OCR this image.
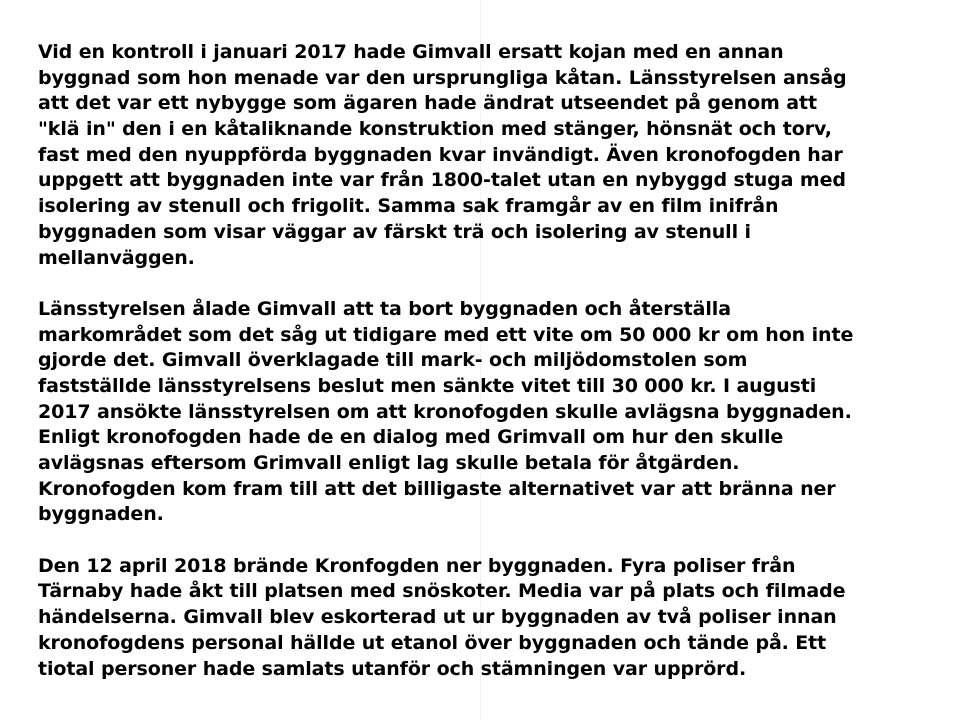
Vid en kontroll i januari 2017 hade Gimvall ersatt kojan med en annan
byggnad som hon menade var den ursprungliga kåtan. Länsstyrelsen ansåg
att det var ett nybygge som ägaren hade ändrat utseendet på genom att
"klä in" den i en kåtaliknande konstruktion med stänger, hönsnät och torv,
fast med den nyuppförda byggnaden kvar invändigt. Även kronofogden har
uppgett att byggnaden inte var från 1800-talet utan en nybyggd stuga med
isolering av stenull och frigolit. Samma sak framgår av en film inifrån
byggnaden som visar väggar av färskt trä och isolering av stenull i
mellanväggen.

Länsstyrelsen ålade Gimvall att ta bort byggnaden och återställa
markområdet som det såg ut tidigare med ett vite om 50 000 kr om hon inte
gjorde det. Gimvall överklagade till mark- och miljödomstolen som
fastställde länsstyrelsens beslut men sänkte vitet till 30 000 kr. I augusti
2017 ansökte länsstyrelsen om att kronofogden skulle avlägsna byggnaden.
Enligt kronofogden hade de en dialog med Grimvall om hur den skulle
avlägsnas eftersom Grimvall enligt lag skulle betala för åtgärden.
Kronofogden kom fram till att det billigaste alternativet var att bränna ner
byggnaden.

Den 12 april 2018 brände Kronfogden ner byggnaden. Fyra poliser från
Tärnaby hade åkt till platsen med snöskoter. Media var på plats och filmade
händelserna. Gimvall blev eskorterad ut ur byggnaden av två poliser innan
kronofogdens personal hällde ut etanol över byggnaden och tände på. Ett
tiotal personer hade samlats utanför och stämningen var upprörd.
